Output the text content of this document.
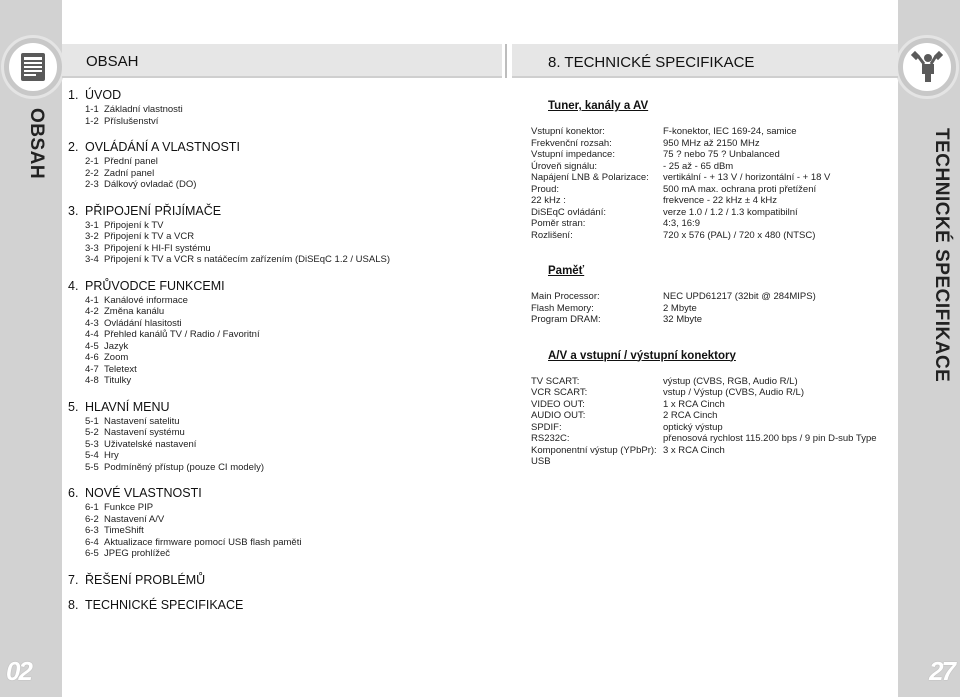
OBSAH
02
TECHNICKÉ SPECIFIKACE
27
OBSAH	8. TECHNICKÉ SPECIFIKACE
1. ÚVOD
1-1 Základní vlastnosti
1-2 Příslušenství
2. OVLÁDÁNÍ A VLASTNOSTI
2-1 Přední panel
2-2 Zadní panel
2-3 Dálkový ovladač (DO)
3. PŘIPOJENÍ PŘIJÍMAČE
3-1 Připojení k TV
3-2 Připojení k TV a VCR
3-3 Připojení k HI-FI systému
3-4 Připojení k TV a VCR s natáčecím zařízením (DiSEqC 1.2 / USALS)
4. PRŮVODCE FUNKCEMI
4-1 Kanálové informace
4-2 Změna kanálu
4-3 Ovládání hlasitosti
4-4 Přehled kanálů TV / Radio / Favoritní
4-5 Jazyk
4-6 Zoom
4-7 Teletext
4-8 Titulky
5. HLAVNÍ MENU
5-1 Nastavení satelitu
5-2 Nastavení systému
5-3 Uživatelské nastavení
5-4 Hry
5-5 Podmíněný přístup (pouze CI modely)
6. NOVÉ VLASTNOSTI
6-1 Funkce PIP
6-2 Nastavení A/V
6-3 TimeShift
6-4 Aktualizace firmware pomocí USB flash paměti
6-5 JPEG prohlížeč
7. ŘEŠENÍ PROBLÉMŮ
8. TECHNICKÉ SPECIFIKACE
Tuner, kanály a AV
Vstupní konektor:	F-konektor, IEC 169-24, samice
Frekvenční rozsah:	950 MHz až 2150 MHz
Vstupní impedance:	75 ? nebo 75 ? Unbalanced
Úroveň signálu:	- 25 až - 65 dBm
Napájení LNB & Polarizace:	vertikální - + 13 V / horizontální - + 18 V
Proud:	500 mA max. ochrana proti přetížení
22 kHz :	frekvence - 22 kHz ± 4 kHz
DiSEqC ovládání:	verze 1.0 / 1.2 / 1.3 kompatibilní
Poměr stran:	4:3, 16:9
Rozlišení:	720 x 576 (PAL) / 720 x 480 (NTSC)
Paměť
Main Processor:	NEC UPD61217 (32bit @ 284MIPS)
Flash Memory:	2 Mbyte
Program DRAM:	32 Mbyte
A/V a vstupní / výstupní konektory
TV SCART:	výstup (CVBS, RGB, Audio R/L)
VCR SCART:	vstup / Výstup (CVBS, Audio R/L)
VIDEO OUT:	1 x RCA Cinch
AUDIO OUT:	2 RCA Cinch
SPDIF:	optický výstup
RS232C:	přenosová rychlost 115.200 bps / 9 pin D-sub Type
Komponentní výstup (YPbPr): 3 x RCA Cinch
USB
